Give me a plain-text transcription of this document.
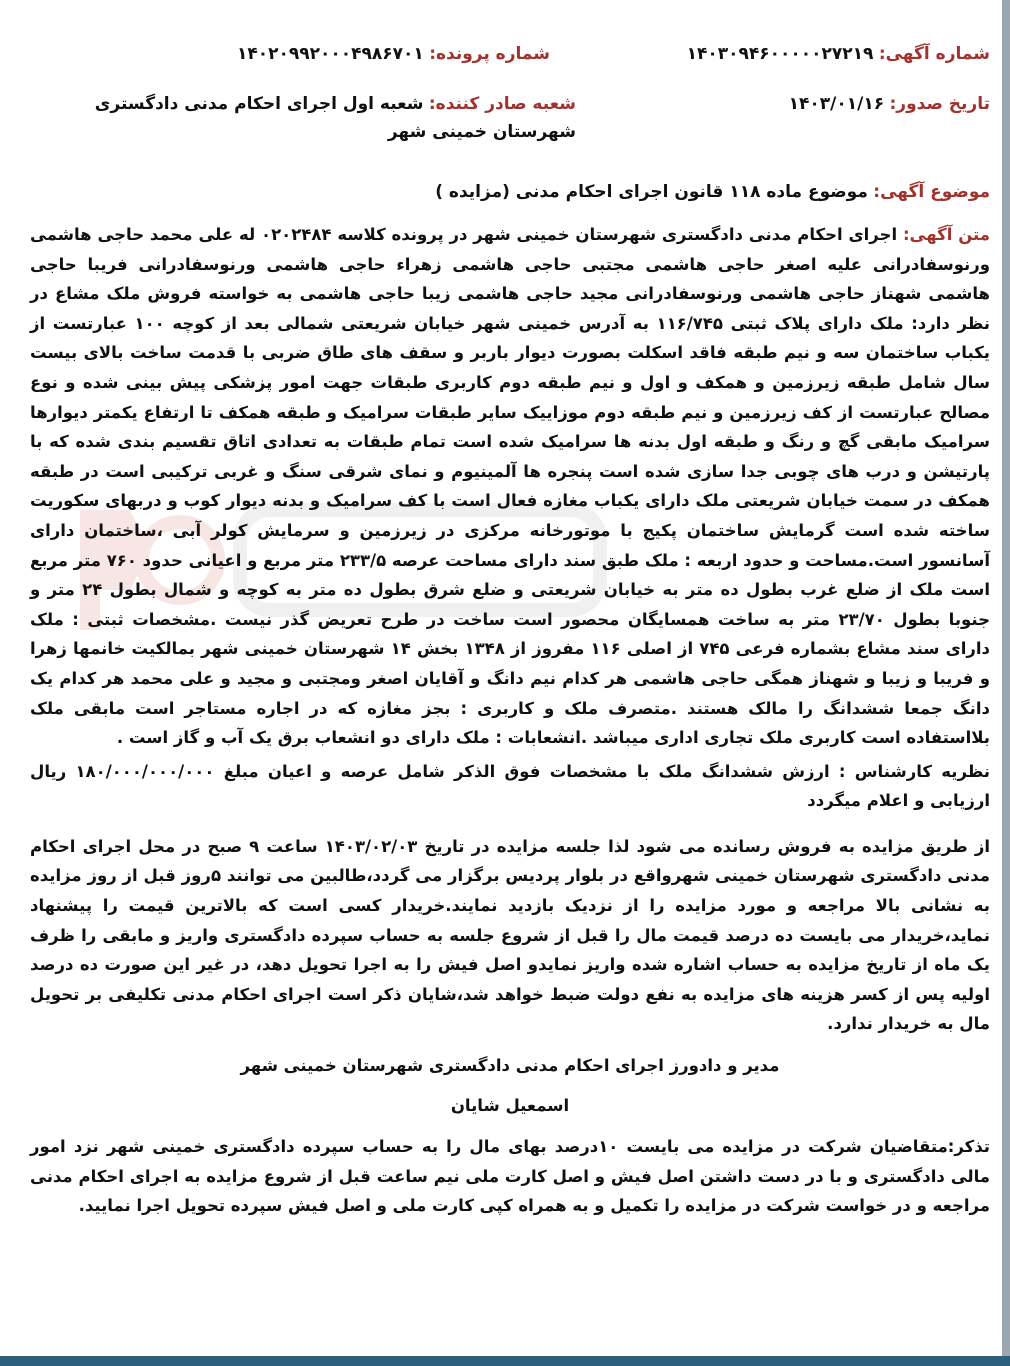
شماره آگهی: ۱۴۰۳۰۹۴۶۰۰۰۰۰۲۷۲۱۹
شماره پرونده: ۱۴۰۲۰۹۹۲۰۰۰۴۹۸۶۷۰۱
تاریخ صدور: ۱۴۰۳/۰۱/۱۶
شعبه صادر کننده: شعبه اول اجرای احکام مدنی دادگستری شهرستان خمینی شهر
موضوع آگهی: موضوع ماده ۱۱۸ قانون اجرای احکام مدنی (مزایده )

متن آگهی: اجرای احکام مدنی دادگستری شهرستان خمینی شهر در پرونده کلاسه ۰۲۰۲۴۸۴ له علی محمد حاجی هاشمی ورنوسفادرانی علیه اصغر حاجی هاشمی مجتبی حاجی هاشمی زهراء حاجی هاشمی ورنوسفادرانی فریبا حاجی هاشمی شهناز حاجی هاشمی ورنوسفادرانی مجید حاجی هاشمی زیبا حاجی هاشمی به خواسته فروش ملک مشاع در نظر دارد: ملک دارای پلاک ثبتی ۱۱۶/۷۴۵ به آدرس خمینی شهر خیابان شریعتی شمالی بعد از کوچه ۱۰۰ عبارتست از یکباب ساختمان سه و نیم طبقه فاقد اسکلت بصورت دیوار باربر و سقف های طاق ضربی با قدمت ساخت بالای بیست سال شامل طبقه زیرزمین و همکف و اول و نیم طبقه دوم کاربری طبقات جهت امور پزشکی پیش بینی شده و نوع مصالح عبارتست از کف زیرزمین و نیم طبقه دوم موزاییک سایر طبقات سرامیک و طبقه همکف تا ارتفاع یکمتر دیوارها سرامیک مابقی گچ و رنگ و طبقه اول بدنه ها سرامیک شده است تمام طبقات به تعدادی اتاق تقسیم بندی شده که با پارتیشن و درب های چوبی جدا سازی شده است پنجره ها آلمینیوم و نمای شرقی سنگ و غربی ترکیبی است در طبقه همکف در سمت خیابان شریعتی ملک دارای یکباب مغازه فعال است با کف سرامیک و بدنه دیوار کوب و دربهای سکوریت ساخته شده است گرمایش ساختمان پکیج با موتورخانه مرکزی در زیرزمین و سرمایش کولر آبی ،ساختمان دارای آسانسور است.مساحت و حدود اربعه : ملک طبق سند دارای مساحت عرصه ۲۳۳/۵ متر مربع و اعیانی حدود ۷۶۰ متر مربع است ملک از ضلع غرب بطول ده متر به خیابان شریعتی و ضلع شرق بطول ده متر به کوچه و شمال بطول ۲۴ متر و جنوبا بطول ۲۳/۷۰ متر به ساخت همسایگان محصور است ساخت در طرح تعریض گذر نیست .مشخصات ثبتی : ملک دارای سند مشاع بشماره فرعی ۷۴۵ از اصلی ۱۱۶ مفروز از ۱۳۴۸ بخش ۱۴ شهرستان خمینی شهر بمالکیت خانمها زهرا و فریبا و زیبا و شهناز همگی حاجی هاشمی هر کدام نیم دانگ و آقایان اصغر ومجتبی و مجید و علی محمد هر کدام یک دانگ جمعا ششدانگ را مالک هستند .متصرف ملک و کاربری : بجز مغازه که در اجاره مستاجر است مابقی ملک بلااستفاده است کاربری ملک تجاری اداری میباشد .انشعابات : ملک دارای دو انشعاب برق یک آب و گاز است .

نظریه کارشناس : ارزش ششدانگ ملک با مشخصات فوق الذکر شامل عرصه و اعیان مبلغ ۱۸۰/۰۰۰/۰۰۰/۰۰۰ ریال ارزیابی و اعلام میگردد

از طریق مزایده به فروش رسانده می شود لذا جلسه مزایده در تاریخ ۱۴۰۳/۰۲/۰۳ ساعت ۹ صبح در محل اجرای احکام مدنی دادگستری شهرستان خمینی شهرواقع در بلوار پردیس برگزار می گردد،طالبین می توانند ۵روز قبل از روز مزایده به نشانی بالا مراجعه و مورد مزایده را از نزدیک بازدید نمایند.خریدار کسی است که بالاترین قیمت را پیشنهاد نماید،خریدار می بایست ده درصد قیمت مال را قبل از شروع جلسه به حساب سپرده دادگستری واریز و مابقی را ظرف یک ماه از تاریخ مزایده به حساب اشاره شده واریز نمایدو اصل فیش را به اجرا تحویل دهد، در غیر این صورت ده درصد اولیه پس از کسر هزینه های مزایده به نفع دولت ضبط خواهد شد،شایان ذکر است اجرای احکام مدنی تکلیفی بر تحویل مال به خریدار ندارد.

مدیر و دادورز اجرای احکام مدنی دادگستری شهرستان خمینی شهر

اسمعیل شایان

تذکر:متقاضیان شرکت در مزایده می بایست ۱۰درصد بهای مال را به حساب سپرده دادگستری خمینی شهر نزد امور مالی دادگستری و با در دست داشتن اصل فیش و اصل کارت ملی نیم ساعت قبل از شروع مزایده به اجرای احکام مدنی مراجعه و در خواست شرکت در مزایده را تکمیل و به همراه کپی کارت ملی و اصل فیش سپرده تحویل اجرا نمایید.
